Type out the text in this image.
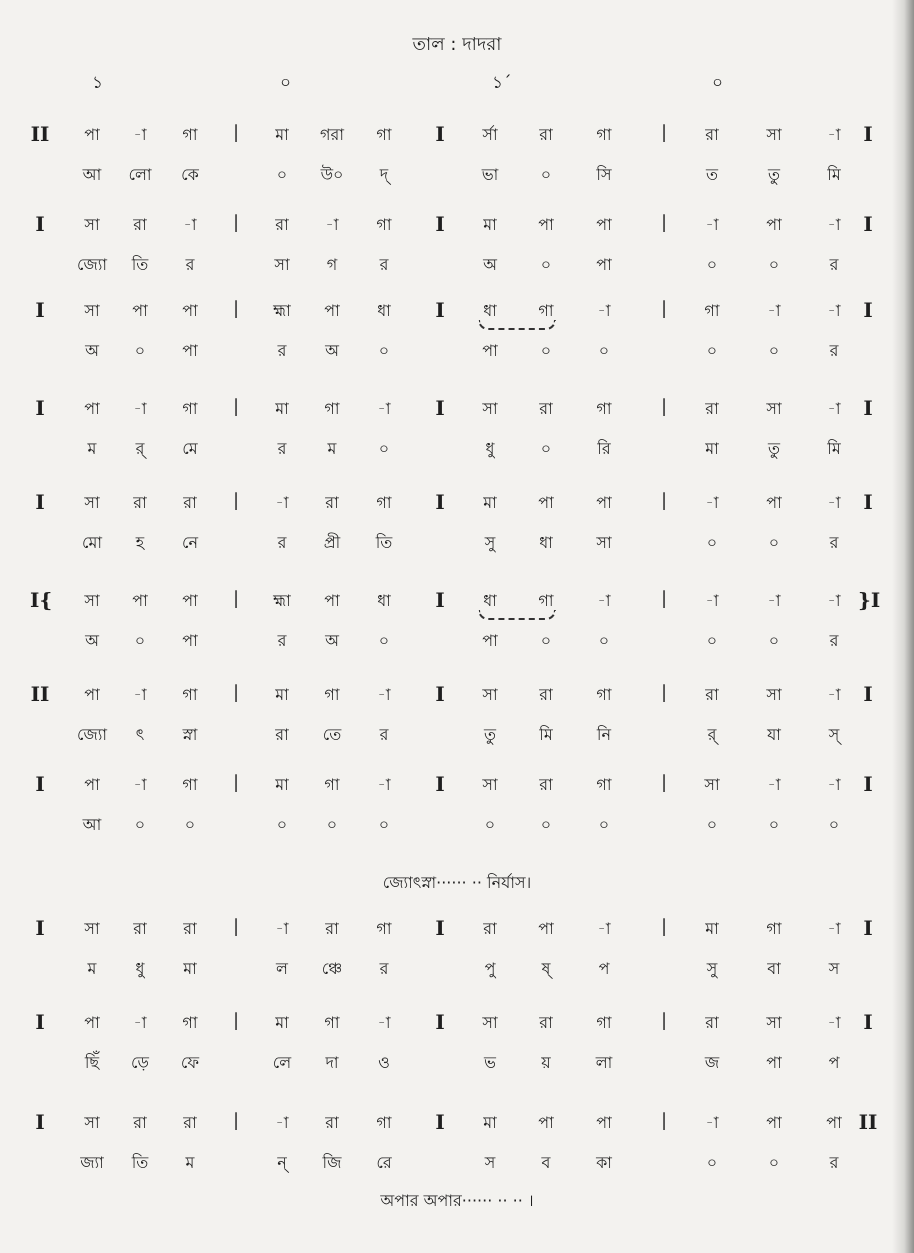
তাল : দাদরা
১	০	১´	০
II	|	I	|	I
পা	-া	গা	মা	গরা	গা	র্সা	রা	গা	রা	সা	-া
আ	লো	কে	০	উ০	দ্	ভা	০	সি	ত	তু	মি
I	|	I	|	I
সা	রা	-া	রা	-া	গা	মা	পা	পা	-া	পা	-া
জ্যো	তি	র	সা	গ	র	অ	০	পা	০	০	র
I	|	I	|	I
সা	পা	পা	হ্মা	পা	ধা	ধা	গা	-া	গা	-া	-া
অ	০	পা	র	অ	০	পা	০	০	০	০	র
I	|	I	|	I
পা	-া	গা	মা	গা	-া	সা	রা	গা	রা	সা	-া
ম	র্	মে	র	ম	০	ধু	০	রি	মা	তু	মি
I	|	I	|	I
সা	রা	রা	-া	রা	গা	মা	পা	পা	-া	পা	-া
মো	হ	নে	র	প্রী	তি	সু	ধা	সা	০	০	র
I{	|	I	|	}I
সা	পা	পা	হ্মা	পা	ধা	ধা	গা	-া	-া	-া	-া
অ	০	পা	র	অ	০	পা	০	০	০	০	র
II	|	I	|	I
পা	-া	গা	মা	গা	-া	সা	রা	গা	রা	সা	-া
জ্যো	ৎ	স্না	রা	তে	র	তু	মি	নি	র্	যা	স্
I	|	I	|	I
পা	-া	গা	মা	গা	-া	সা	রা	গা	সা	-া	-া
আ	০	০	০	০	০	০	০	০	০	০	০
I	|	I	|	I
সা	রা	রা	-া	রা	গা	রা	পা	-া	মা	গা	-া
ম	ধু	মা	ল	ঞ্চে	র	পু	ষ্	প	সু	বা	স
I	|	I	|	I
পা	-া	গা	মা	গা	-া	সা	রা	গা	রা	সা	-া
ছিঁ	ড়ে	ফে	লে	দা	ও	ভ	য়	লা	জ	পা	প
I	|	I	|	II
সা	রা	রা	-া	রা	গা	মা	পা	পা	-া	পা	পা
জ্যা	তি	ম	ন্	জি	রে	স	ব	কা	০	০	র
জ্যোৎস্না······ ·· নির্যাস।
অপার অপার······ ·· ·· ।
